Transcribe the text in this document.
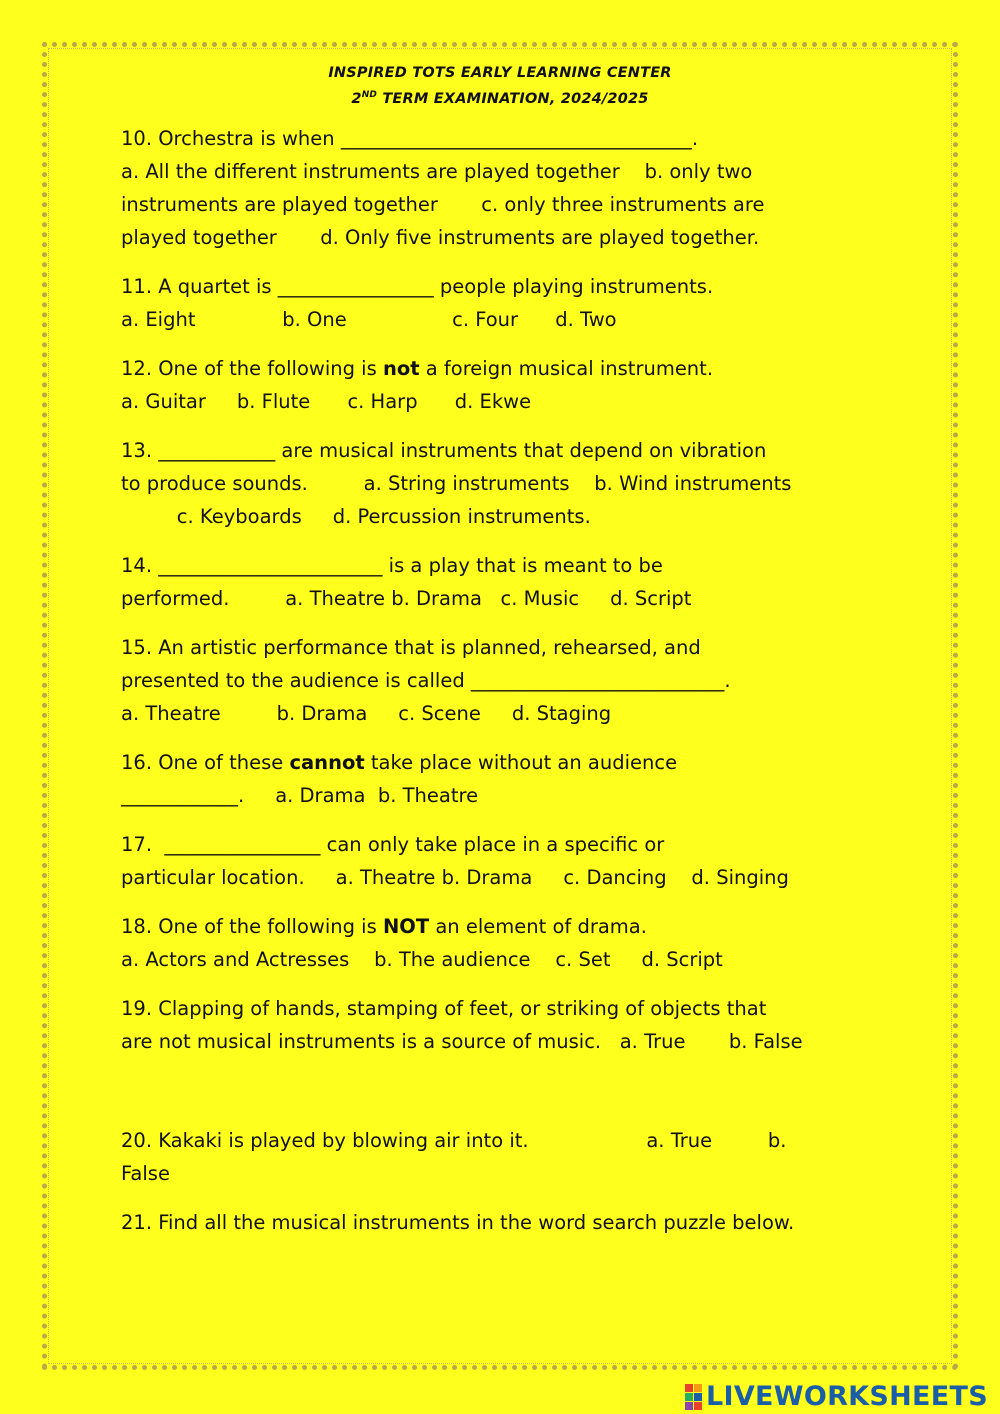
INSPIRED TOTS EARLY LEARNING CENTER
2ND TERM EXAMINATION, 2024/2025

10. Orchestra is when ____________________________________.

a. All the different instruments are played together    b. only two

instruments are played together       c. only three instruments are

played together       d. Only five instruments are played together.

11. A quartet is ________________ people playing instruments.

a. Eight              b. One                 c. Four      d. Two

12. One of the following is not a foreign musical instrument.

a. Guitar     b. Flute      c. Harp      d. Ekwe

13. ____________ are musical instruments that depend on vibration

to produce sounds.         a. String instruments    b. Wind instruments

c. Keyboards     d. Percussion instruments.

14. _______________________ is a play that is meant to be

performed.         a. Theatre b. Drama   c. Music     d. Script

15. An artistic performance that is planned, rehearsed, and

presented to the audience is called __________________________.

a. Theatre         b. Drama     c. Scene     d. Staging

16. One of these cannot take place without an audience

____________.     a. Drama  b. Theatre

17.  ________________ can only take place in a specific or

particular location.     a. Theatre b. Drama     c. Dancing    d. Singing

18. One of the following is NOT an element of drama.

a. Actors and Actresses    b. The audience    c. Set     d. Script

19. Clapping of hands, stamping of feet, or striking of objects that

are not musical instruments is a source of music.   a. True       b. False

20. Kakaki is played by blowing air into it.                   a. True         b.

False

21. Find all the musical instruments in the word search puzzle below.

LIVEWORKSHEETS
